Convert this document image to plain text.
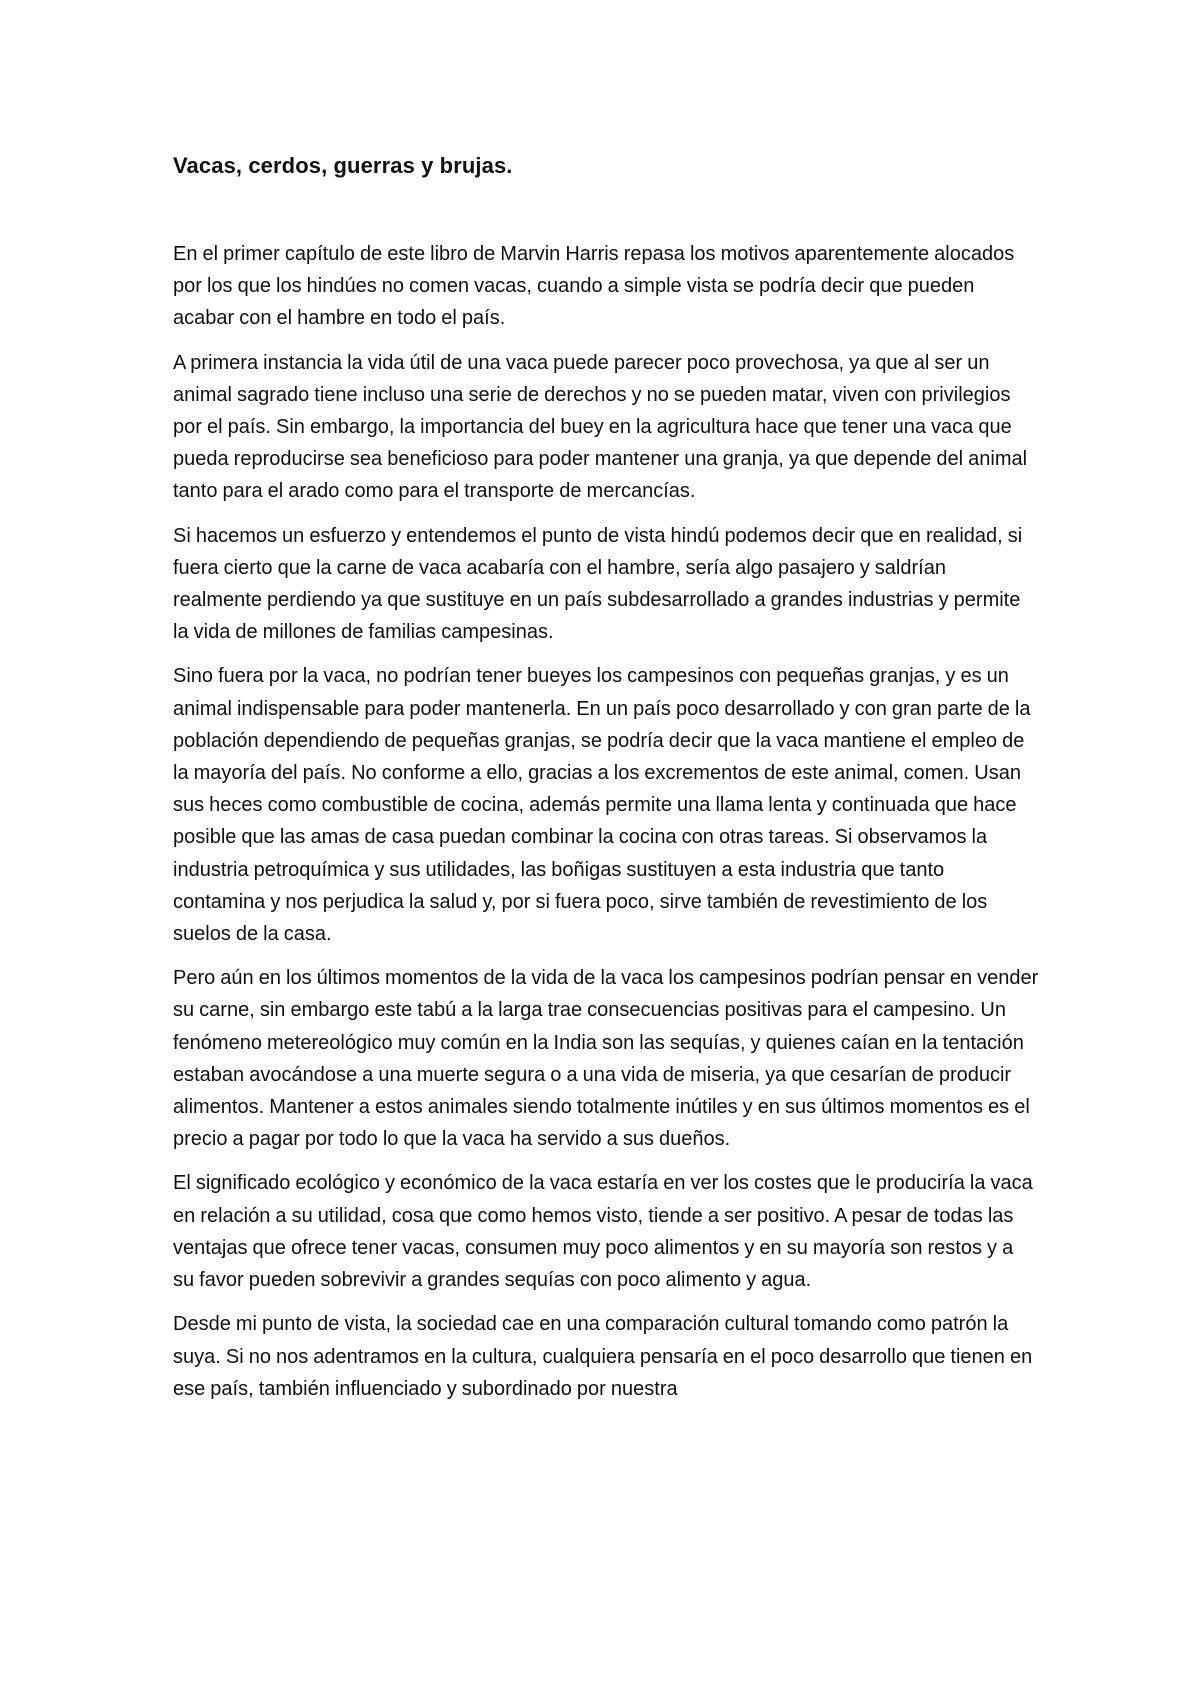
Vacas, cerdos, guerras y brujas.

En el primer capítulo de este libro de Marvin Harris repasa los motivos aparentemente alocados por los que los hindúes no comen vacas, cuando a simple vista se podría decir que pueden acabar con el hambre en todo el país.

A primera instancia la vida útil de una vaca puede parecer poco provechosa, ya que al ser un animal sagrado tiene incluso una serie de derechos y no se pueden matar, viven con privilegios por el país. Sin embargo, la importancia del buey en la agricultura hace que tener una vaca que pueda reproducirse sea beneficioso para poder mantener una granja, ya que depende del animal tanto para el arado como para el transporte de mercancías.

Si hacemos un esfuerzo y entendemos el punto de vista hindú podemos decir que en realidad, si fuera cierto que la carne de vaca acabaría con el hambre, sería algo pasajero y saldrían realmente perdiendo ya que sustituye en un país subdesarrollado a grandes industrias y permite la vida de millones de familias campesinas.

Sino fuera por la vaca, no podrían tener bueyes los campesinos con pequeñas granjas, y es un animal indispensable para poder mantenerla. En un país poco desarrollado y con gran parte de la población dependiendo de pequeñas granjas, se podría decir que la vaca mantiene el empleo de la mayoría del país. No conforme a ello, gracias a los excrementos de este animal, comen. Usan sus heces como combustible de cocina, además permite una llama lenta y continuada que hace posible que las amas de casa puedan combinar la cocina con otras tareas. Si observamos la industria petroquímica y sus utilidades, las boñigas sustituyen a esta industria que tanto contamina y nos perjudica la salud y, por si fuera poco, sirve también de revestimiento de los suelos de la casa.

Pero aún en los últimos momentos de la vida de la vaca los campesinos podrían pensar en vender su carne, sin embargo este tabú a la larga trae consecuencias positivas para el campesino. Un fenómeno metereológico muy común en la India son las sequías, y quienes caían en la tentación estaban avocándose a una muerte segura o a una vida de miseria, ya que cesarían de producir alimentos. Mantener a estos animales siendo totalmente inútiles y en sus últimos momentos es el precio a pagar por todo lo que la vaca ha servido a sus dueños.

El significado ecológico y económico de la vaca estaría en ver los costes que le produciría la vaca en relación a su utilidad, cosa que como hemos visto, tiende a ser positivo. A pesar de todas las ventajas que ofrece tener vacas, consumen muy poco alimentos y en su mayoría son restos y a su favor pueden sobrevivir a grandes sequías con poco alimento y agua.

Desde mi punto de vista, la sociedad cae en una comparación cultural tomando como patrón la suya. Si no nos adentramos en la cultura, cualquiera pensaría en el poco desarrollo que tienen en ese país, también influenciado y subordinado por nuestra
